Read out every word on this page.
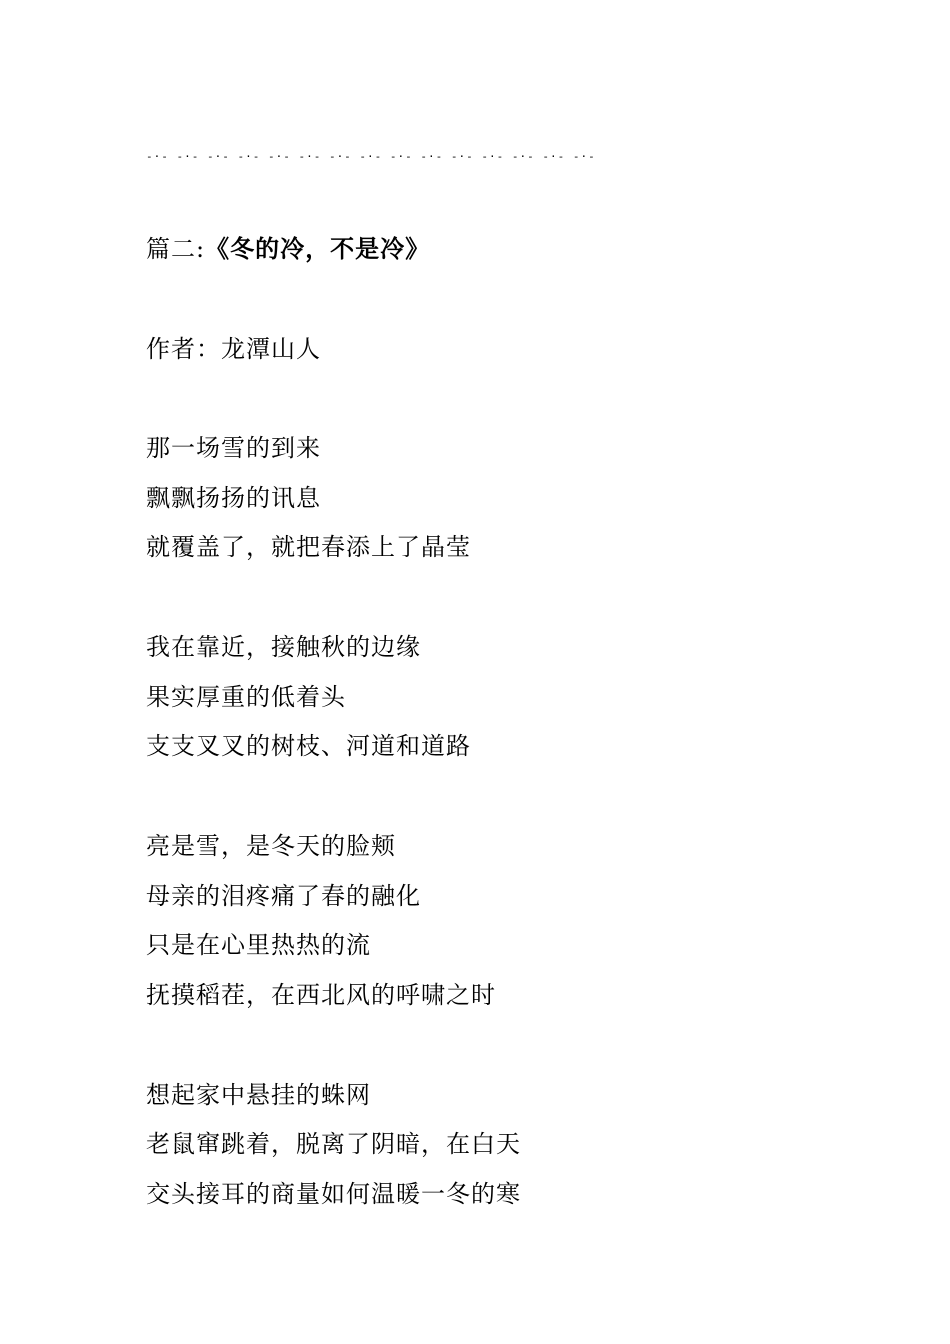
-·- -·- -·- -·- -·- -·- -·- -·- -·- -·- -·- -·- -·- -·- -·-
篇二:《冬的冷，不是冷》
作者：龙潭山人
那一场雪的到来
飘飘扬扬的讯息
就覆盖了，就把春添上了晶莹
我在靠近，接触秋的边缘
果实厚重的低着头
支支叉叉的树枝、河道和道路
亮是雪，是冬天的脸颊
母亲的泪疼痛了春的融化
只是在心里热热的流
抚摸稻茬，在西北风的呼啸之时
想起家中悬挂的蛛网
老鼠窜跳着，脱离了阴暗，在白天
交头接耳的商量如何温暖一冬的寒
